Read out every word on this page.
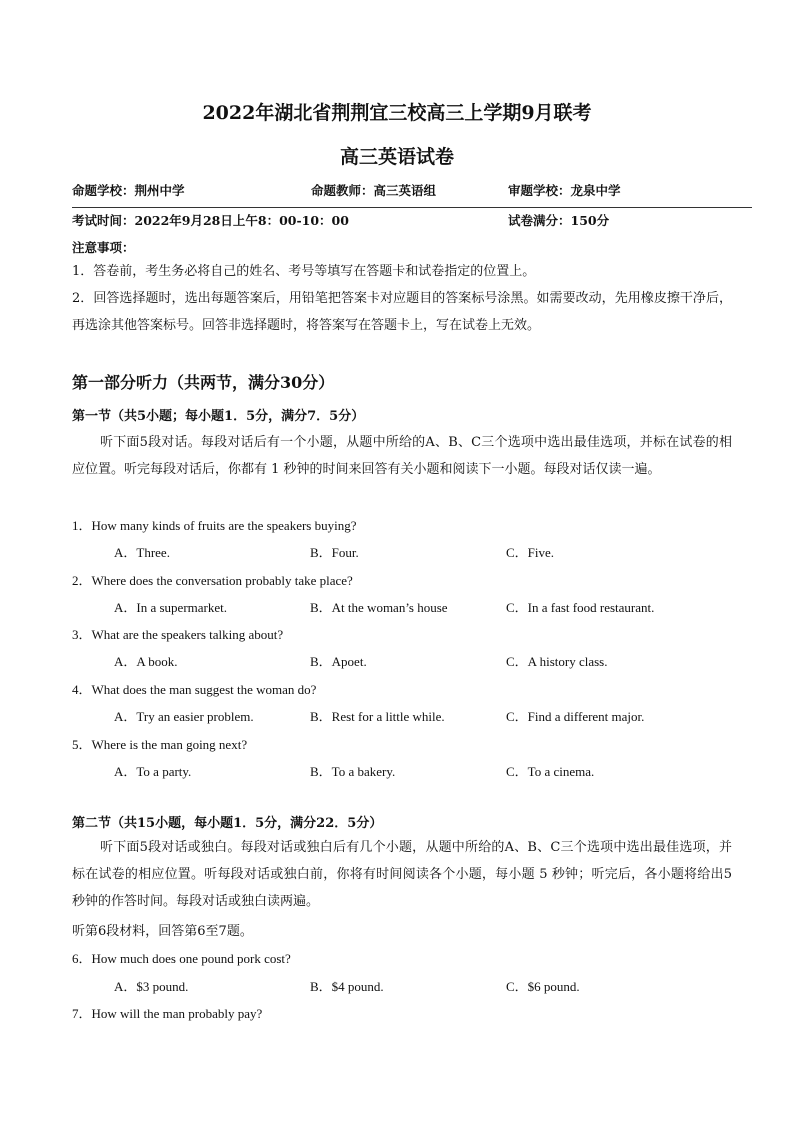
2022年湖北省荆荆宜三校高三上学期9月联考
高三英语试卷
命题学校：荆州中学	命题教师：高三英语组	审题学校：龙泉中学
考试时间：2022年9月28日上午8：00-10：00	试卷满分：150分
注意事项：
1．答卷前，考生务必将自己的姓名、考号等填写在答题卡和试卷指定的位置上。
2．回答选择题时，选出每题答案后，用铅笔把答案卡对应题目的答案标号涂黑。如需要改动，先用橡皮擦干净后，再选涂其他答案标号。回答非选择题时，将答案写在答题卡上，写在试卷上无效。
第一部分听力（共两节，满分30分）
第一节（共5小题；每小题1．5分，满分7．5分）
听下面5段对话。每段对话后有一个小题，从题中所给的A、B、C三个选项中选出最佳选项，并标在试卷的相应位置。听完每段对话后，你都有 1 秒钟的时间来回答有关小题和阅读下一小题。每段对话仅读一遍。
1．How many kinds of fruits are the speakers buying?
A．Three.	B．Four.	C．Five.
2．Where does the conversation probably take place?
A．In a supermarket.	B．At the woman’s house	C．In a fast food restaurant.
3．What are the speakers talking about?
A．A book.	B．Apoet.	C．A history class.
4．What does the man suggest the woman do?
A．Try an easier problem.	B．Rest for a little while.	C．Find a different major.
5．Where is the man going next?
A．To a party.	B．To a bakery.	C．To a cinema.
第二节（共15小题，每小题1．5分，满分22．5分）
听下面5段对话或独白。每段对话或独白后有几个小题，从题中所给的A、B、C三个选项中选出最佳选项，并标在试卷的相应位置。听每段对话或独白前，你将有时间阅读各个小题，每小题 5 秒钟；听完后，各小题将给出5秒钟的作答时间。每段对话或独白读两遍。
听第6段材料，回答第6至7题。
6．How much does one pound pork cost?
A．$3 pound.	B．$4 pound.	C．$6 pound.
7．How will the man probably pay?
